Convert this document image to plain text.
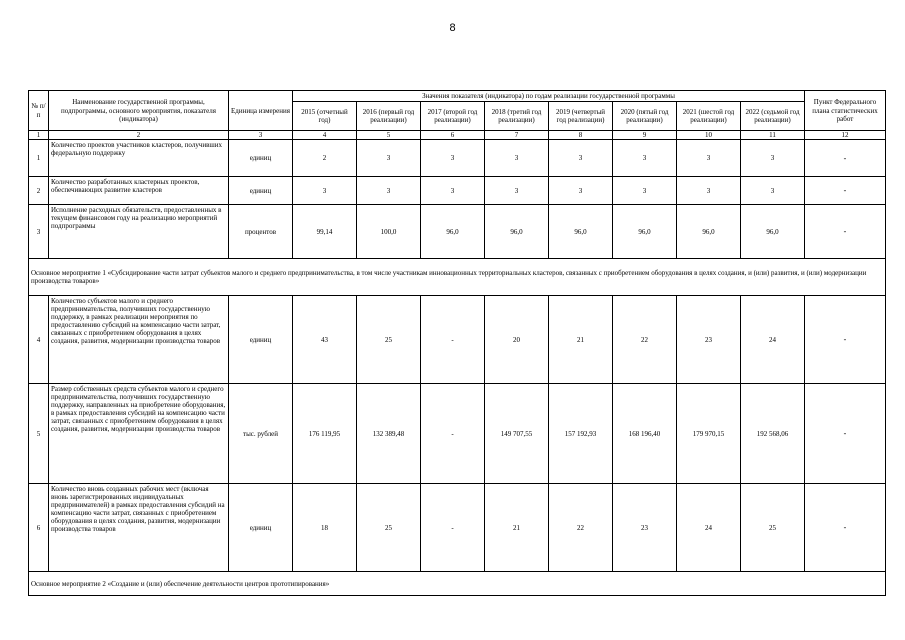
8
№ п/п	Наименование государственной программы, подпрограммы, основного мероприятия, показателя (индикатора)	Единица измерения	Значения показателя (индикатора) по годам реализации государственной программы								Пункт Федерального плана статистических работ
			2015 (отчетный год)	2016 (первый год реализации)	2017 (второй год реализации)	2018 (третий год реализации)	2019 (четвертый год реализации)	2020 (пятый год реализации)	2021 (шестой год реализации)	2022 (седьмой год реализации)	
1	2	3	4	5	6	7	8	9	10	11	12
1	Количество проектов участников кластеров, получивших федеральную поддержку	единиц	2	3	3	3	3	3	3	3	-
2	Количество разработанных кластерных проектов, обеспечивающих развитие кластеров	единиц	3	3	3	3	3	3	3	3	-
3	Исполнение расходных обязательств, предоставленных в текущем финансовом году на реализацию мероприятий подпрограммы	процентов	99,14	100,0	96,0	96,0	96,0	96,0	96,0	96,0	-
Основное мероприятие 1 «Субсидирование части затрат субъектов малого и среднего предпринимательства, в том числе участникам инновационных территориальных кластеров, связанных с приобретением оборудования в целях создания, и (или) развития, и (или) модернизации производства товаров»											
4	Количество субъектов малого и среднего предпринимательства, получивших государственную поддержку, в рамках реализации мероприятия по предоставлению субсидий на компенсацию части затрат, связанных с приобретением оборудования в целях создания, развития, модернизации производства товаров	единиц	43	25	-	20	21	22	23	24	-
5	Размер собственных средств субъектов малого и среднего предпринимательства, получивших государственную поддержку, направленных на приобретение оборудования, в рамках предоставления субсидий на компенсацию части затрат, связанных с приобретением оборудования в целях создания, развития, модернизации производства товаров	тыс. рублей	176 119,95	132 389,48	-	149 707,55	157 192,93	168 196,40	179 970,15	192 568,06	-
6	Количество вновь созданных рабочих мест (включая вновь зарегистрированных индивидуальных предпринимателей) в рамках предоставления субсидий на компенсацию части затрат, связанных с приобретением оборудования в целях создания, развития, модернизации производства товаров	единиц	18	25	-	21	22	23	24	25	-
Основное мероприятие 2 «Создание и (или) обеспечение деятельности центров прототипирования»											
